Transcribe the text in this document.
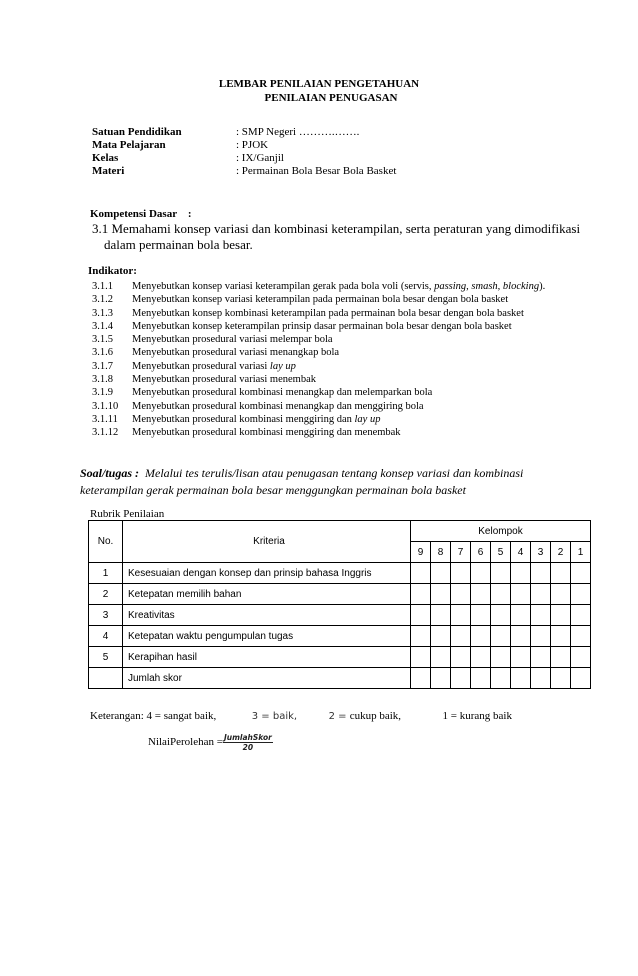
LEMBAR PENILAIAN PENGETAHUAN
PENILAIAN PENUGASAN
Satuan Pendidikan	: SMP Negeri ……….…….
Mata Pelajaran	: PJOK
Kelas	: IX/Ganjil
Materi	: Permainan Bola Besar Bola Basket
Kompetensi Dasar    :
3.1 Memahami konsep variasi dan kombinasi keterampilan, serta peraturan yang dimodifikasi dalam permainan bola besar.
Indikator:
3.1.1	Menyebutkan konsep variasi keterampilan gerak pada bola voli (servis, passing, smash, blocking).
3.1.2	Menyebutkan konsep variasi keterampilan pada permainan bola besar dengan bola basket
3.1.3	Menyebutkan konsep kombinasi keterampilan pada permainan bola besar dengan bola basket
3.1.4	Menyebutkan konsep keterampilan prinsip dasar permainan bola besar dengan bola basket
3.1.5	Menyebutkan prosedural variasi melempar bola
3.1.6	Menyebutkan prosedural variasi menangkap bola
3.1.7	Menyebutkan prosedural variasi lay up
3.1.8	Menyebutkan prosedural variasi menembak
3.1.9	Menyebutkan prosedural kombinasi menangkap dan melemparkan bola
3.1.10	Menyebutkan prosedural kombinasi menangkap dan menggiring bola
3.1.11	Menyebutkan prosedural kombinasi menggiring dan lay up
3.1.12	Menyebutkan prosedural kombinasi menggiring dan menembak
Soal/tugas :  Melalui tes terulis/lisan atau penugasan tentang konsep variasi dan kombinasi keterampilan gerak permainan bola besar menggungkan permainan bola basket
Rubrik Penilaian
No.	Kriteria	Kelompok								
		9	8	7	6	5	4	3	2	1
1	Kesesuaian dengan konsep dan prinsip bahasa Inggris									
2	Ketepatan memilih bahan									
3	Kreativitas									
4	Ketepatan waktu pengumpulan tugas									
5	Kerapihan hasil									
	Jumlah skor									
Keterangan: 4 = sangat baik,	3 = baik,	2 = cukup baik,	1 = kurang baik
NilaiPerolehan = $\frac{\text{JumlahSkor}}{20}$
